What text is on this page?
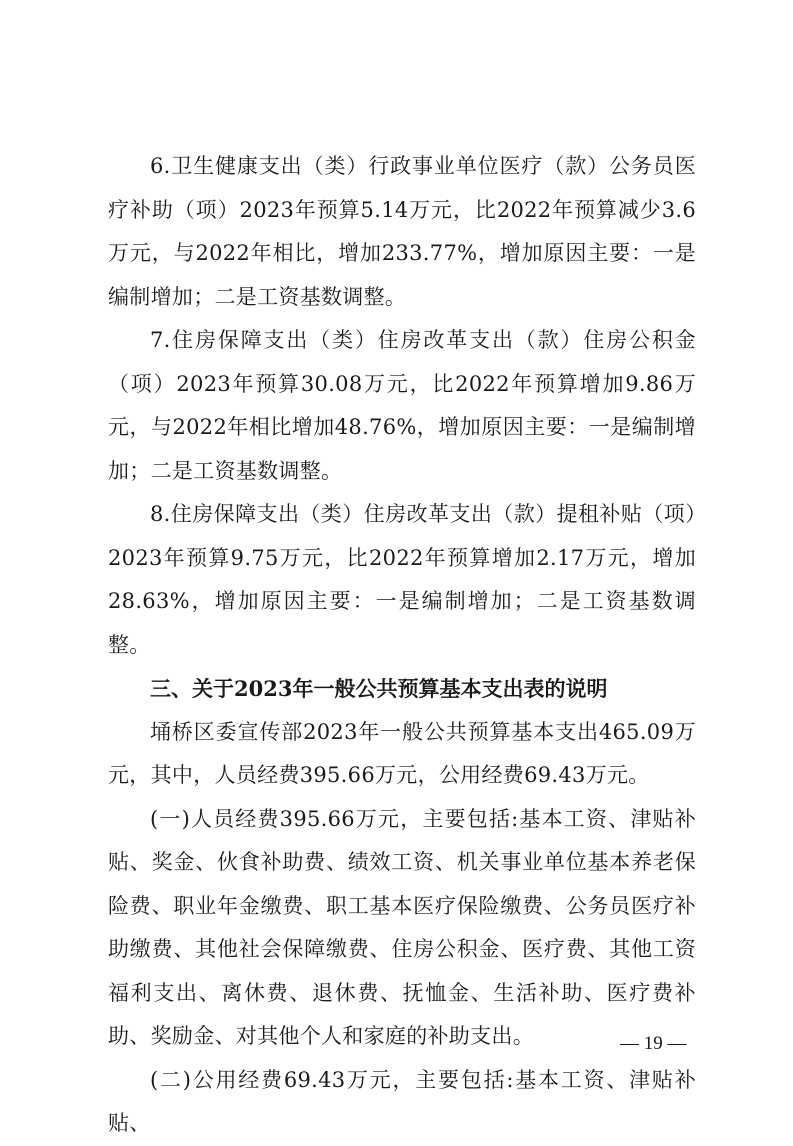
6.卫生健康支出（类）行政事业单位医疗（款）公务员医疗补助（项）2023年预算5.14万元，比2022年预算减少3.6万元，与2022年相比，增加233.77%，增加原因主要：一是编制增加；二是工资基数调整。

7.住房保障支出（类）住房改革支出（款）住房公积金（项）2023年预算30.08万元，比2022年预算增加9.86万元，与2022年相比增加48.76%，增加原因主要：一是编制增加；二是工资基数调整。

8.住房保障支出（类）住房改革支出（款）提租补贴（项）2023年预算9.75万元，比2022年预算增加2.17万元，增加28.63%，增加原因主要：一是编制增加；二是工资基数调整。

三、关于2023年一般公共预算基本支出表的说明

埇桥区委宣传部2023年一般公共预算基本支出465.09万元，其中，人员经费395.66万元，公用经费69.43万元。

(一)人员经费395.66万元，主要包括:基本工资、津贴补贴、奖金、伙食补助费、绩效工资、机关事业单位基本养老保险费、职业年金缴费、职工基本医疗保险缴费、公务员医疗补助缴费、其他社会保障缴费、住房公积金、医疗费、其他工资福利支出、离休费、退休费、抚恤金、生活补助、医疗费补助、奖励金、对其他个人和家庭的补助支出。

(二)公用经费69.43万元，主要包括:基本工资、津贴补贴、

— 19 —
